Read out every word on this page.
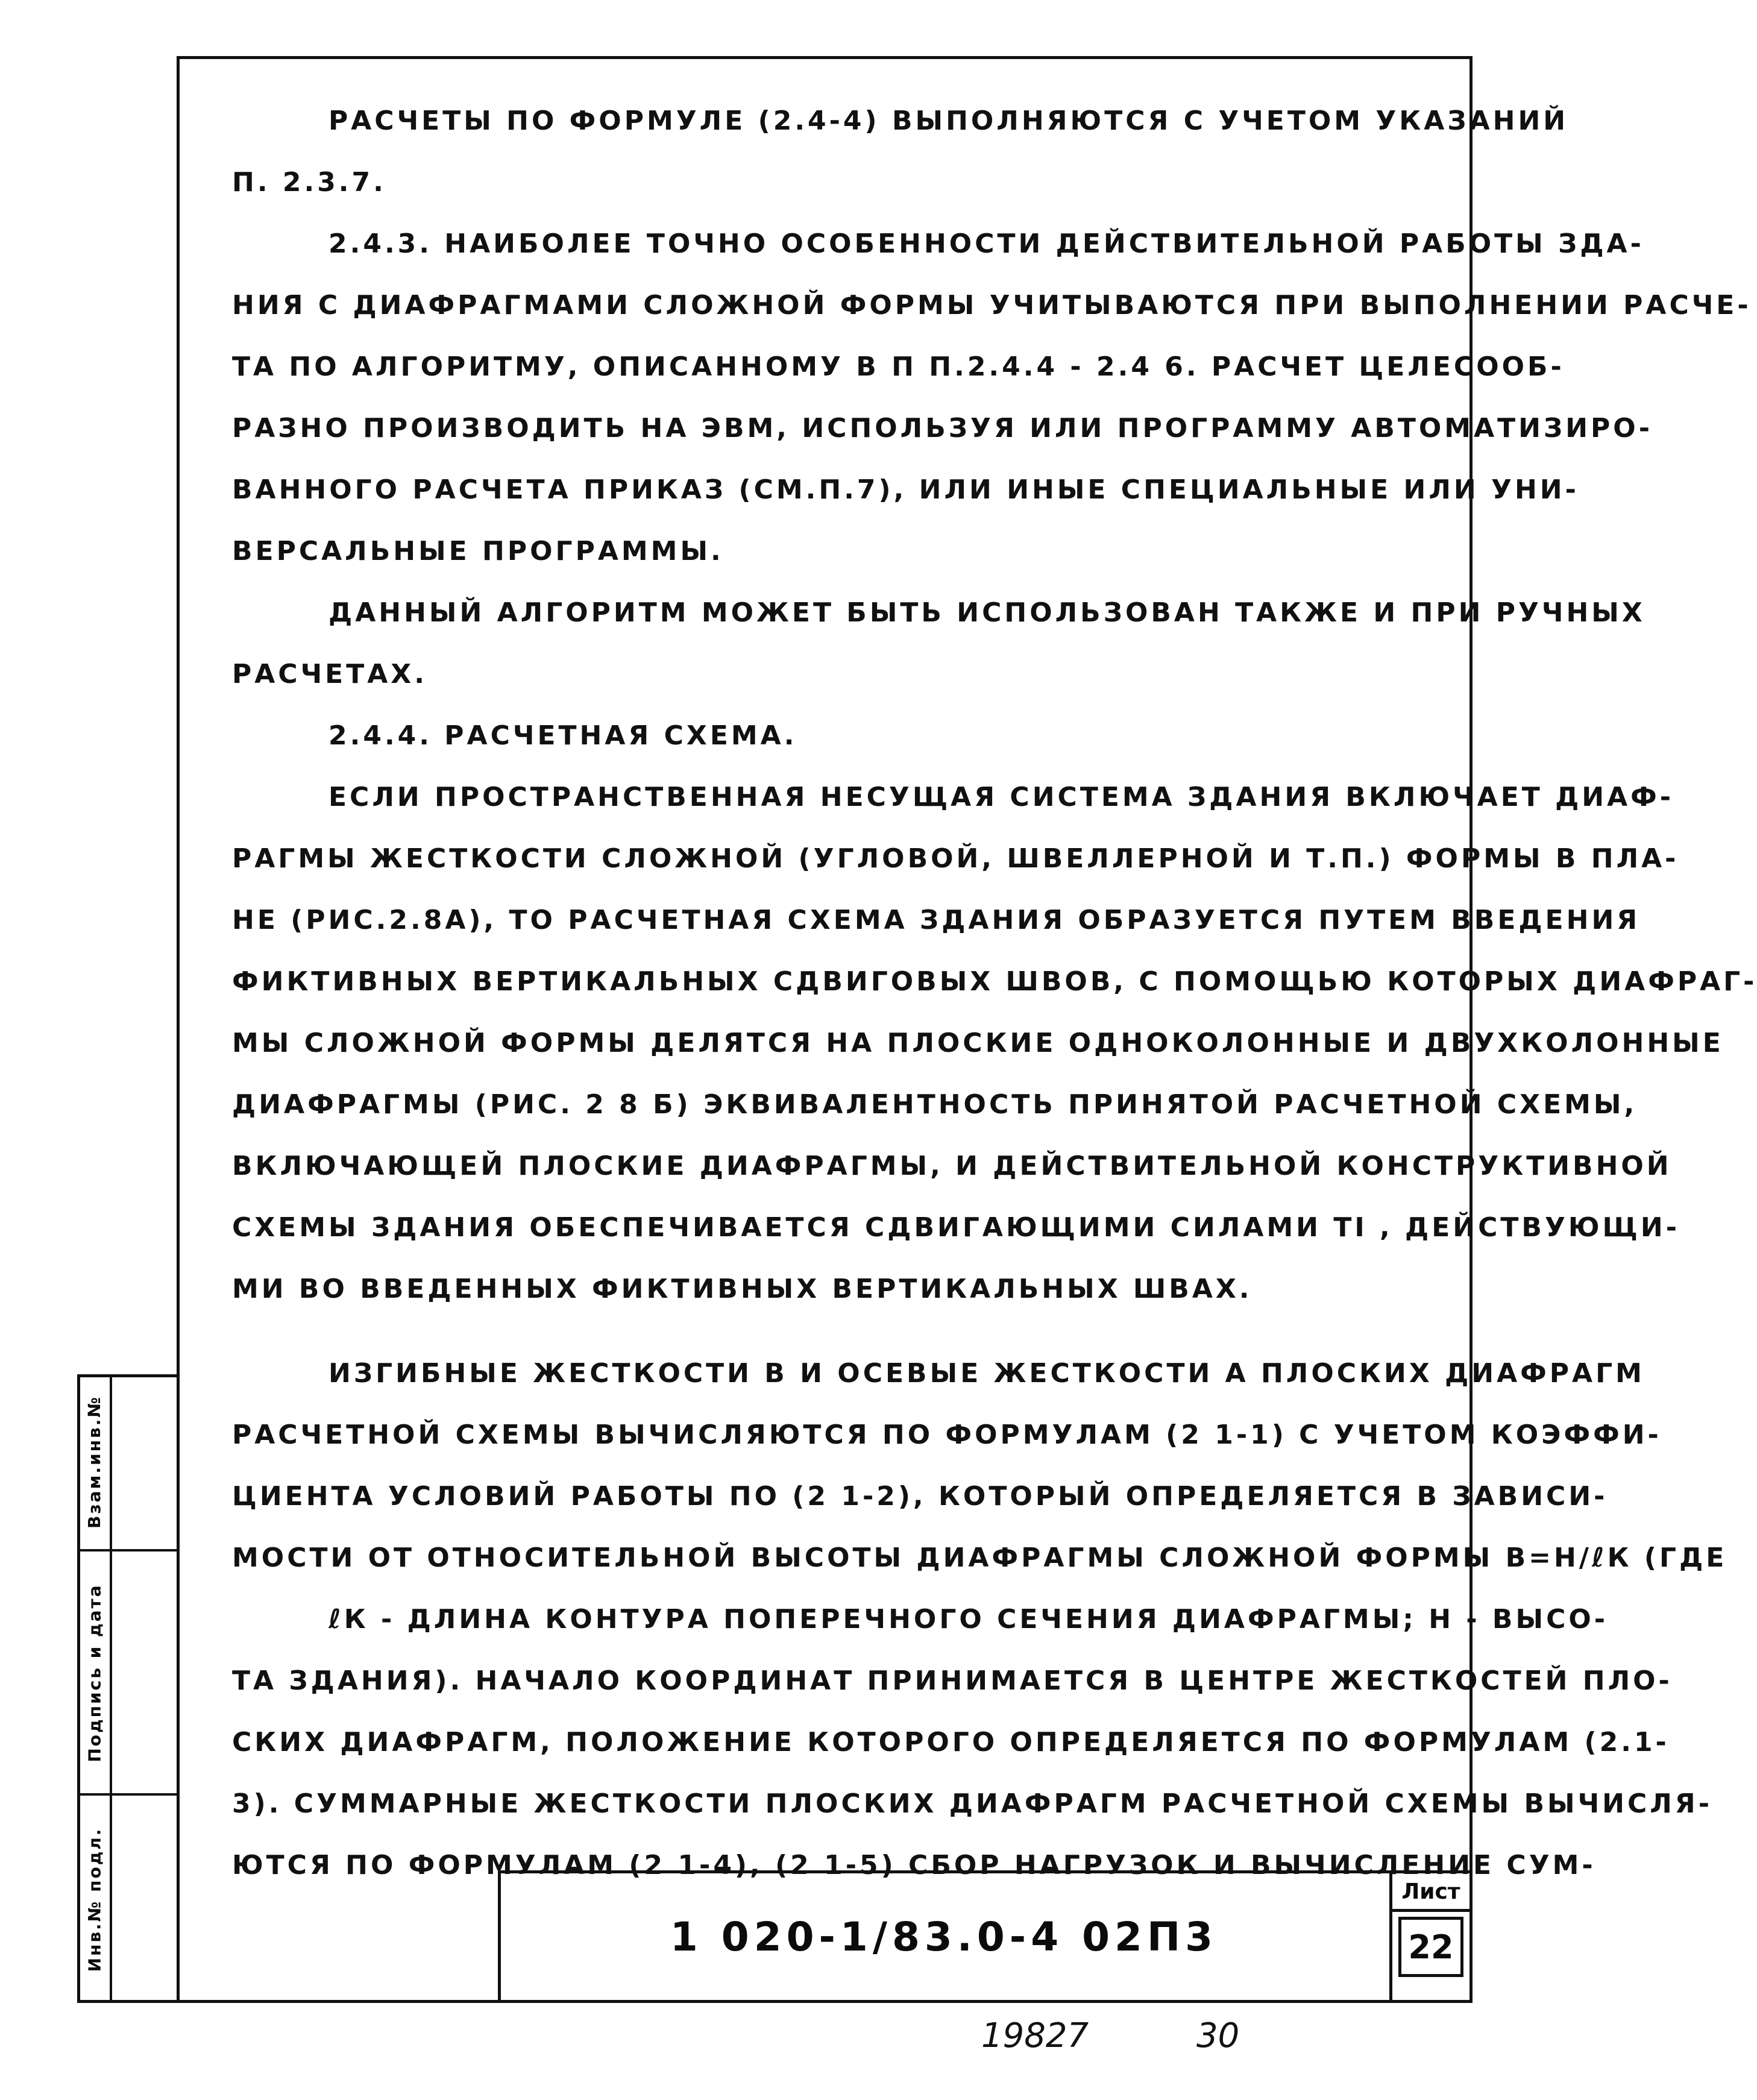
РАСЧЕТЫ ПО ФОРМУЛЕ (2.4-4) ВЫПОЛНЯЮТСЯ С УЧЕТОМ УКАЗАНИЙ
П. 2.3.7.
2.4.3. НАИБОЛЕЕ ТОЧНО ОСОБЕННОСТИ ДЕЙСТВИТЕЛЬНОЙ РАБОТЫ ЗДА-
НИЯ С ДИАФРАГМАМИ СЛОЖНОЙ ФОРМЫ УЧИТЫВАЮТСЯ ПРИ ВЫПОЛНЕНИИ РАСЧЕ-
ТА ПО АЛГОРИТМУ, ОПИСАННОМУ В П П.2.4.4 - 2.4 6. РАСЧЕТ ЦЕЛЕСООБ-
РАЗНО ПРОИЗВОДИТЬ НА ЭВМ, ИСПОЛЬЗУЯ ИЛИ ПРОГРАММУ АВТОМАТИЗИРО-
ВАННОГО РАСЧЕТА ПРИКАЗ (СМ.П.7), ИЛИ ИНЫЕ СПЕЦИАЛЬНЫЕ ИЛИ УНИ-
ВЕРСАЛЬНЫЕ ПРОГРАММЫ.
ДАННЫЙ АЛГОРИТМ МОЖЕТ БЫТЬ ИСПОЛЬЗОВАН ТАКЖЕ И ПРИ РУЧНЫХ
РАСЧЕТАХ.
2.4.4. РАСЧЕТНАЯ СХЕМА.
ЕСЛИ ПРОСТРАНСТВЕННАЯ НЕСУЩАЯ СИСТЕМА ЗДАНИЯ ВКЛЮЧАЕТ ДИАФ-
РАГМЫ ЖЕСТКОСТИ СЛОЖНОЙ (УГЛОВОЙ, ШВЕЛЛЕРНОЙ И Т.П.) ФОРМЫ В ПЛА-
НЕ (РИС.2.8А), ТО РАСЧЕТНАЯ СХЕМА ЗДАНИЯ ОБРАЗУЕТСЯ ПУТЕМ ВВЕДЕНИЯ
ФИКТИВНЫХ ВЕРТИКАЛЬНЫХ СДВИГОВЫХ ШВОВ, С ПОМОЩЬЮ КОТОРЫХ ДИАФРАГ-
МЫ СЛОЖНОЙ ФОРМЫ ДЕЛЯТСЯ НА ПЛОСКИЕ ОДНОКОЛОННЫЕ И ДВУХКОЛОННЫЕ
ДИАФРАГМЫ (РИС. 2 8 Б) ЭКВИВАЛЕНТНОСТЬ ПРИНЯТОЙ РАСЧЕТНОЙ СХЕМЫ,
ВКЛЮЧАЮЩЕЙ ПЛОСКИЕ ДИАФРАГМЫ, И ДЕЙСТВИТЕЛЬНОЙ КОНСТРУКТИВНОЙ
СХЕМЫ ЗДАНИЯ ОБЕСПЕЧИВАЕТСЯ СДВИГАЮЩИМИ СИЛАМИ TI , ДЕЙСТВУЮЩИ-
МИ ВО ВВЕДЕННЫХ ФИКТИВНЫХ ВЕРТИКАЛЬНЫХ ШВАХ.
ИЗГИБНЫЕ ЖЕСТКОСТИ В И ОСЕВЫЕ ЖЕСТКОСТИ А ПЛОСКИХ ДИАФРАГМ
РАСЧЕТНОЙ СХЕМЫ ВЫЧИСЛЯЮТСЯ ПО ФОРМУЛАМ (2 1-1) С УЧЕТОМ КОЭФФИ-
ЦИЕНТА УСЛОВИЙ РАБОТЫ ПО (2 1-2), КОТОРЫЙ ОПРЕДЕЛЯЕТСЯ В ЗАВИСИ-
МОСТИ ОТ ОТНОСИТЕЛЬНОЙ ВЫСОТЫ ДИАФРАГМЫ СЛОЖНОЙ ФОРМЫ Β=H/ℓК (ГДЕ
ℓК - ДЛИНА КОНТУРА ПОПЕРЕЧНОГО СЕЧЕНИЯ ДИАФРАГМЫ; H - ВЫСО-
ТА ЗДАНИЯ). НАЧАЛО КООРДИНАТ ПРИНИМАЕТСЯ В ЦЕНТРЕ ЖЕСТКОСТЕЙ ПЛО-
СКИХ ДИАФРАГМ, ПОЛОЖЕНИЕ КОТОРОГО ОПРЕДЕЛЯЕТСЯ ПО ФОРМУЛАМ (2.1-
3). СУММАРНЫЕ ЖЕСТКОСТИ ПЛОСКИХ ДИАФРАГМ РАСЧЕТНОЙ СХЕМЫ ВЫЧИСЛЯ-
ЮТСЯ ПО ФОРМУЛАМ (2 1-4), (2 1-5) СБОР НАГРУЗОК И ВЫЧИСЛЕНИЕ СУМ-
Взам.инв.№
Подпись и дата
Инв.№ подл.	1 020-1/83.0-4 02П3
Лист
22
19827	30
